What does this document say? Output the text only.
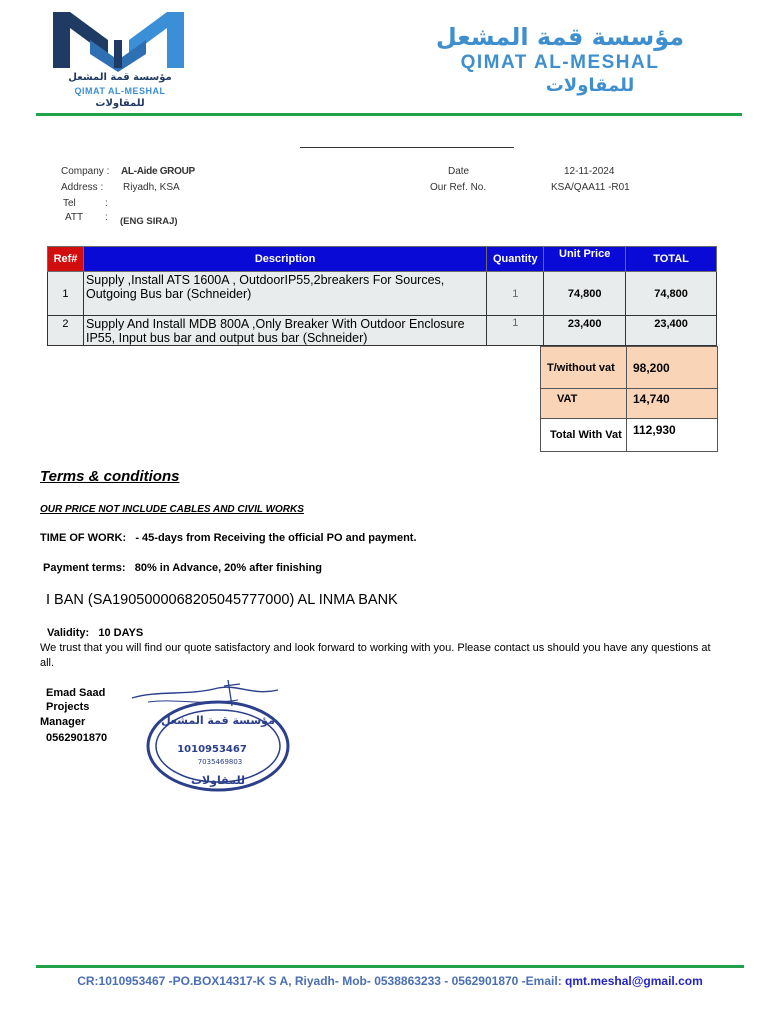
مؤسسة قمة المشعل
QIMAT AL-MESHAL
للمقاولات
مؤسسة قمة المشعل
QIMAT AL-MESHAL
للمقاولات
Company : AL-Aide GROUP
Address : Riyadh, KSA
Tel	:
ATT : (ENG SIRAJ)
Date	12-11-2024
Our Ref. No.	KSA/QAA11 -R01
Ref#	Description	Quantity	Unit Price	TOTAL
1	Supply ,Install ATS 1600A , OutdoorIP55,2breakers For Sources, Outgoing Bus bar (Schneider)	1	74,800	74,800
2	Supply And Install MDB 800A ,Only Breaker With Outdoor Enclosure IP55, Input bus bar and output bus bar (Schneider)	1	23,400	23,400
T/without vat	98,200
VAT	14,740
Total With Vat	112,930
Terms & conditions
OUR PRICE NOT INCLUDE CABLES AND CIVIL WORKS
TIME OF WORK: - 45-days from Receiving the official PO and payment.
Payment terms: 80% in Advance, 20% after finishing
I BAN (SA1905000068205045777000) AL INMA BANK
Validity: 10 DAYS
We trust that you will find our quote satisfactory and look forward to working with you. Please contact us should you have any questions at all.
Emad Saad
Projects
Manager
0562901870
مؤسسة قمة المشعل
1010953467
7035469803
للمقاولات
CR:1010953467 -PO.BOX14317-K S A, Riyadh- Mob- 0538863233 - 0562901870 -Email: qmt.meshal@gmail.com
